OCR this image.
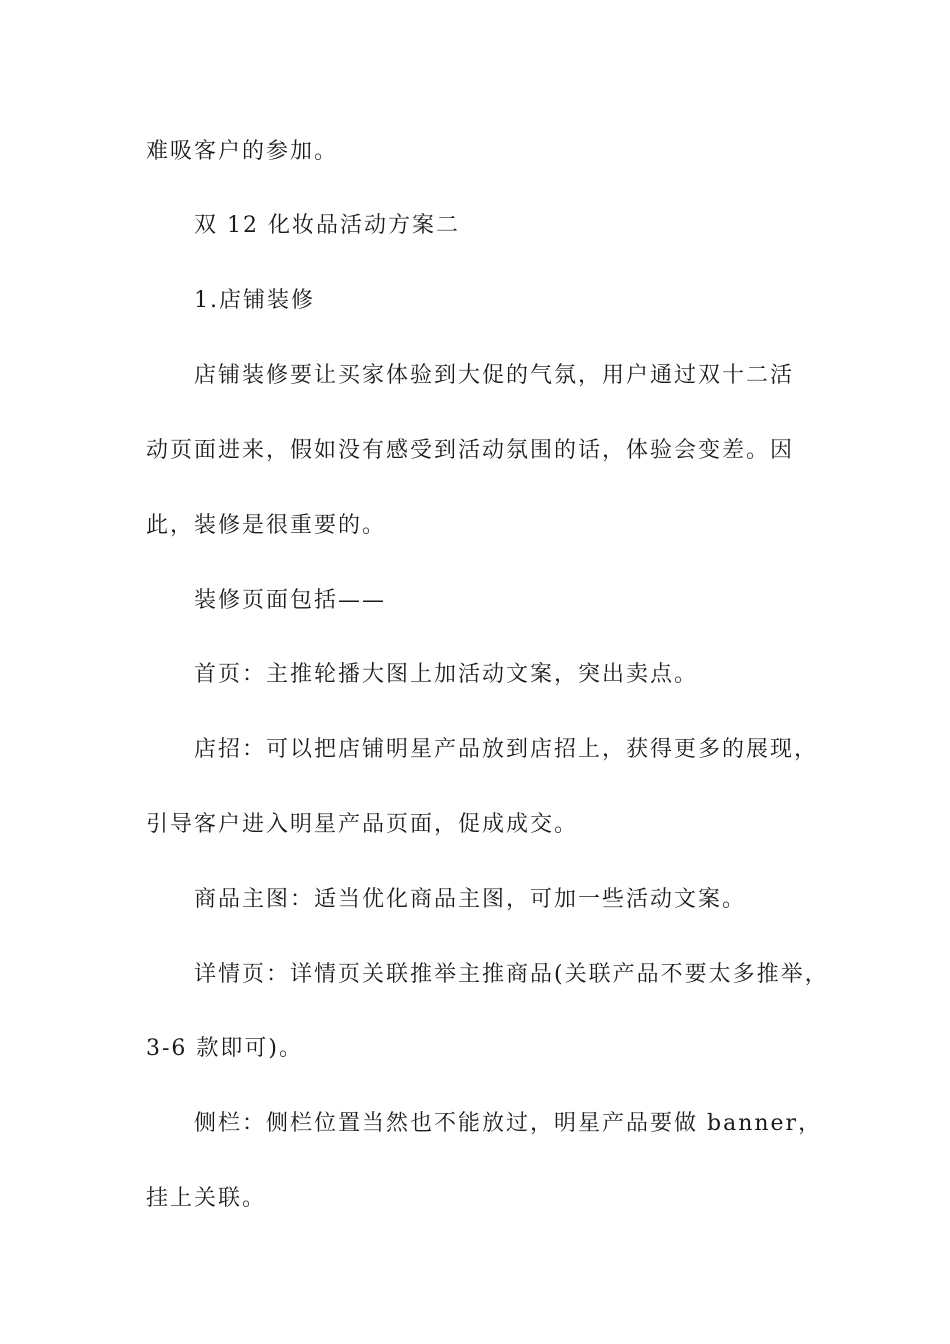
难吸客户的参加。
双 12 化妆品活动方案二
1.店铺装修
店铺装修要让买家体验到大促的气氛，用户通过双十二活
动页面进来，假如没有感受到活动氛围的话，体验会变差。因
此，装修是很重要的。
装修页面包括——
首页：主推轮播大图上加活动文案，突出卖点。
店招：可以把店铺明星产品放到店招上，获得更多的展现，
引导客户进入明星产品页面，促成成交。
商品主图：适当优化商品主图，可加一些活动文案。
详情页：详情页关联推举主推商品(关联产品不要太多推举，
3-6 款即可)。
侧栏：侧栏位置当然也不能放过，明星产品要做 banner，
挂上关联。
